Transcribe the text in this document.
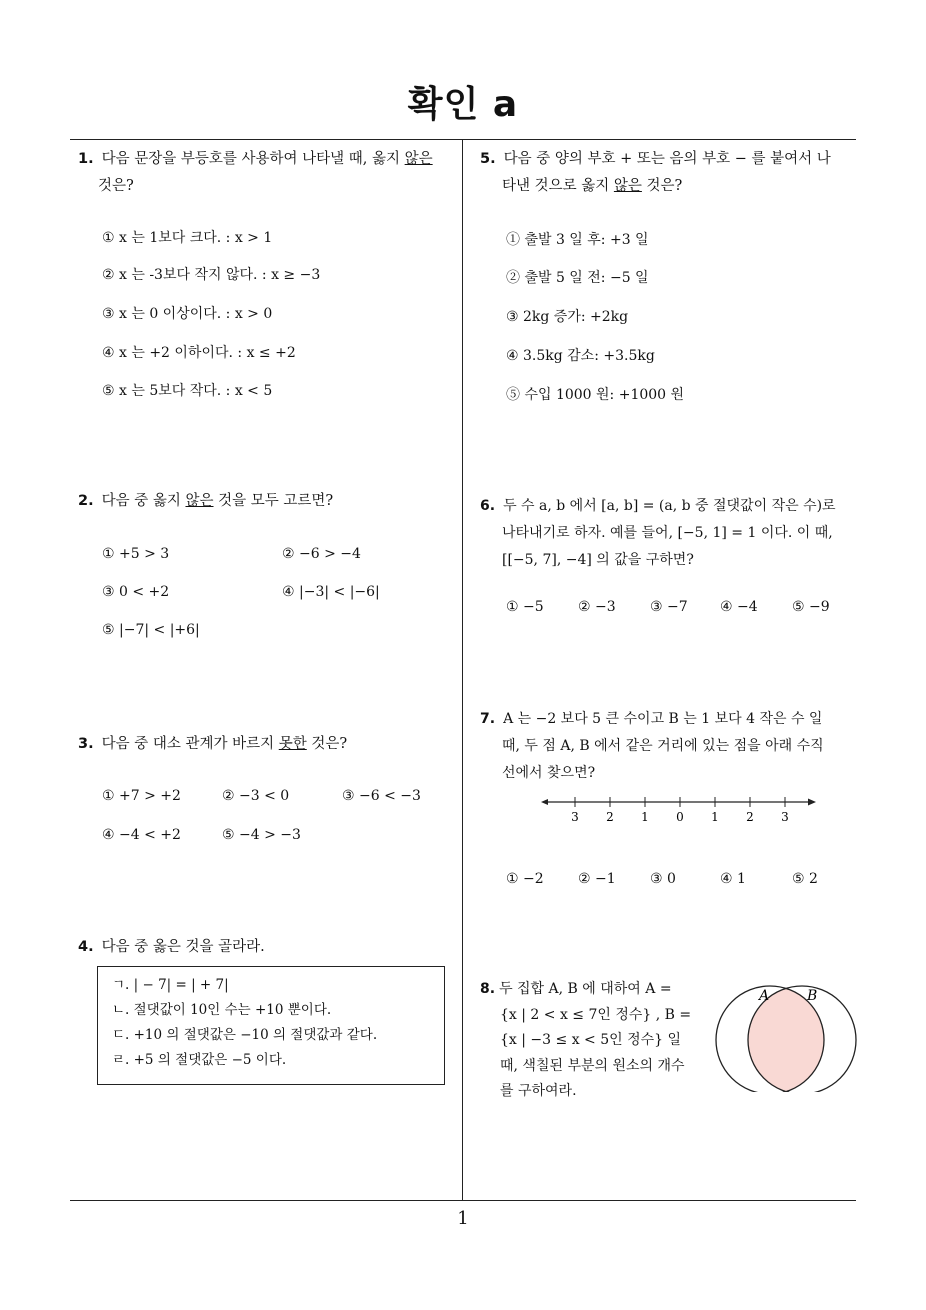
확인 a
1. 다음 문장을 부등호를 사용하여 나타낼 때, 옳지 않은
것은?
① x 는 1보다 크다. : x > 1
② x 는 -3보다 작지 않다. : x ≥ −3
③ x 는 0 이상이다. : x > 0
④ x 는 +2 이하이다. : x ≤ +2
⑤ x 는 5보다 작다. : x < 5
2. 다음 중 옳지 않은 것을 모두 고르면?
① +5 > 3	② −6 > −4
③ 0 < +2	④ |−3| < |−6|
⑤ |−7| < |+6|
3. 다음 중 대소 관계가 바르지 못한 것은?
① +7 > +2	② −3 < 0	③ −6 < −3
④ −4 < +2	⑤ −4 > −3
4. 다음 중 옳은 것을 골라라.
ㄱ. | − 7| = | + 7|
ㄴ. 절댓값이 10인 수는 +10 뿐이다.
ㄷ. +10 의 절댓값은 −10 의 절댓값과 같다.
ㄹ. +5 의 절댓값은 −5 이다.
5. 다음 중 양의 부호 + 또는 음의 부호 − 를 붙여서 나
타낸 것으로 옳지 않은 것은?
① 출발 3 일 후: +3 일
② 출발 5 일 전: −5 일
③ 2kg 증가: +2kg
④ 3.5kg 감소: +3.5kg
⑤ 수입 1000 원: +1000 원
6. 두 수 a, b 에서 [a, b] = (a, b 중 절댓값이 작은 수)로
나타내기로 하자. 예를 들어, [−5, 1] = 1 이다. 이 때,
[[−5, 7], −4] 의 값을 구하면?
① −5 ② −3 ③ −7 ④ −4 ⑤ −9
7. A 는 −2 보다 5 큰 수이고 B 는 1 보다 4 작은 수 일
때, 두 점 A, B 에서 같은 거리에 있는 점을 아래 수직
선에서 찾으면?
3 2 1 0 1 2 3
① −2 ② −1 ③ 0	④ 1	⑤ 2
8. 두 집합 A, B 에 대하여 A =
{x | 2 < x ≤ 7인 정수} , B =
{x | −3 ≤ x < 5인 정수} 일
때, 색칠된 부분의 원소의 개수
를 구하여라.
A	B
1
